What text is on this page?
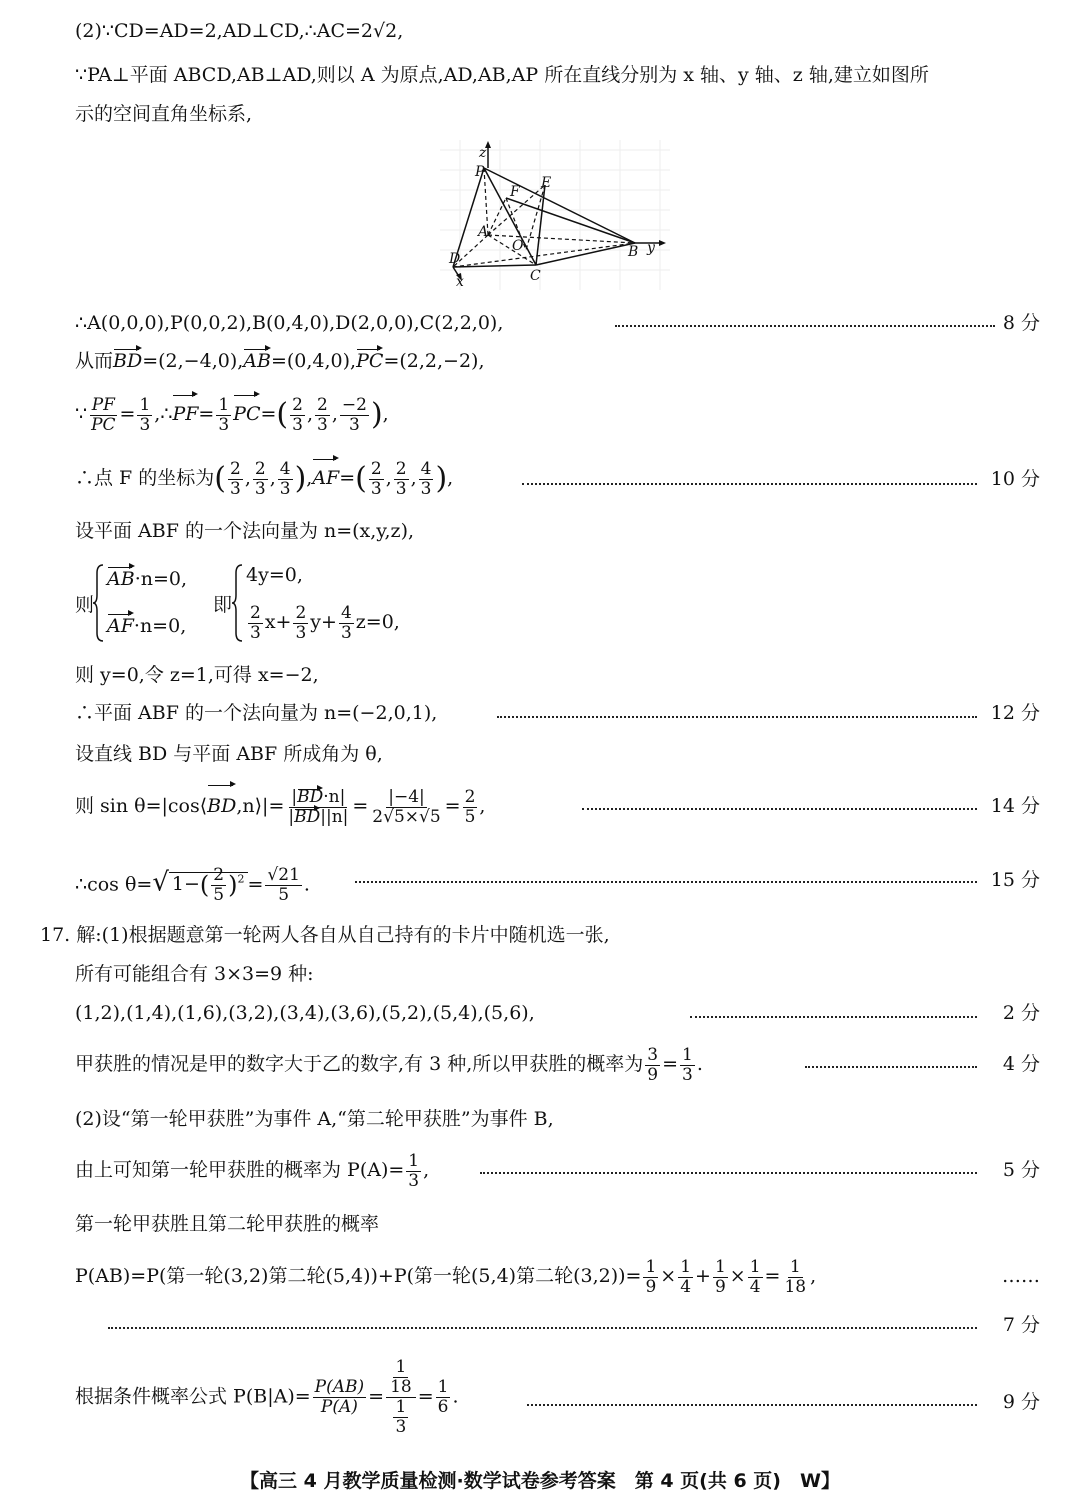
(2)∵CD=AD=2,AD⊥CD,∴AC=2√2,
∵PA⊥平面 ABCD,AB⊥AD,则以 A 为原点,AD,AB,AP 所在直线分别为 x 轴、y 轴、z 轴,建立如图所
示的空间直角坐标系,
z
P
F
E
A
O
D
C
B
x
y
∴A(0,0,0),P(0,0,2),B(0,4,0),D(2,0,0),C(2,2,0),	8 分
从而BD=(2,−4,0),AB=(0,4,0),PC=(2,2,−2),
∵ $\frac{PF}{PC} = \frac{1}{3}$ ,∴PF= $\frac{1}{3} PC=( \frac{2}{3}$ , $\frac{2}{3}$ , $\frac{-2}{3}$ ),
∴点 F 的坐标为( $\frac{2}{3}$ , $\frac{2}{3}$ , $\frac{4}{3} ),AF=( \frac{2}{3}$ , $\frac{2}{3}$ , $\frac{4}{3}$ ),	10 分
设平面 ABF 的一个法向量为 n=(x,y,z),
则
AB·n=0,
AF·n=0,
即
4y=0,
$\frac{2}{3} x+ \frac{2}{3} y+ \frac{4}{3} z=0$,
则 y=0,令 z=1,可得 x=−2,
∴平面 ABF 的一个法向量为 n=(−2,0,1),	12 分
设直线 BD 与平面 ABF 所成角为 θ,
则 sin θ=|cos⟨BD,n⟩|= $\frac{|BD\cdot n|}{|BD||n|} = \frac{|-4|}{2√5\times√5} = \frac{2}{5}$ ,	14 分
∴cos θ=√ $1-( \frac{2}{5} )^2 = \frac{√21}{5}$ .	15 分
17. 解:(1)根据题意第一轮两人各自从自己持有的卡片中随机选一张,
所有可能组合有 3×3=9 种:
(1,2),(1,4),(1,6),(3,2),(3,4),(3,6),(5,2),(5,4),(5,6),	2 分
甲获胜的情况是甲的数字大于乙的数字,有 3 种,所以甲获胜的概率为 $\frac{3}{9} = \frac{1}{3}$ .	4 分
(2)设“第一轮甲获胜”为事件 A,“第二轮甲获胜”为事件 B,
由上可知第一轮甲获胜的概率为 $P(A)= \frac{1}{3}$ ,	5 分
第一轮甲获胜且第二轮甲获胜的概率
P(AB)=P(第一轮(3,2)第二轮(5,4))+P(第一轮(5,4)第二轮$(3,2))= \frac{1}{9} \times \frac{1}{4} + \frac{1}{9} \times \frac{1}{4} = \frac{1}{18}$ ,	……
7 分
根据条件概率公式 $P(B|A)= \frac{P(AB)}{P(A)} = \frac{\frac{1}{18}}{\frac{1}{3}} = \frac{1}{6}$ .	9 分
【高三 4 月教学质量检测·数学试卷参考答案　第 4 页(共 6 页)　W】
